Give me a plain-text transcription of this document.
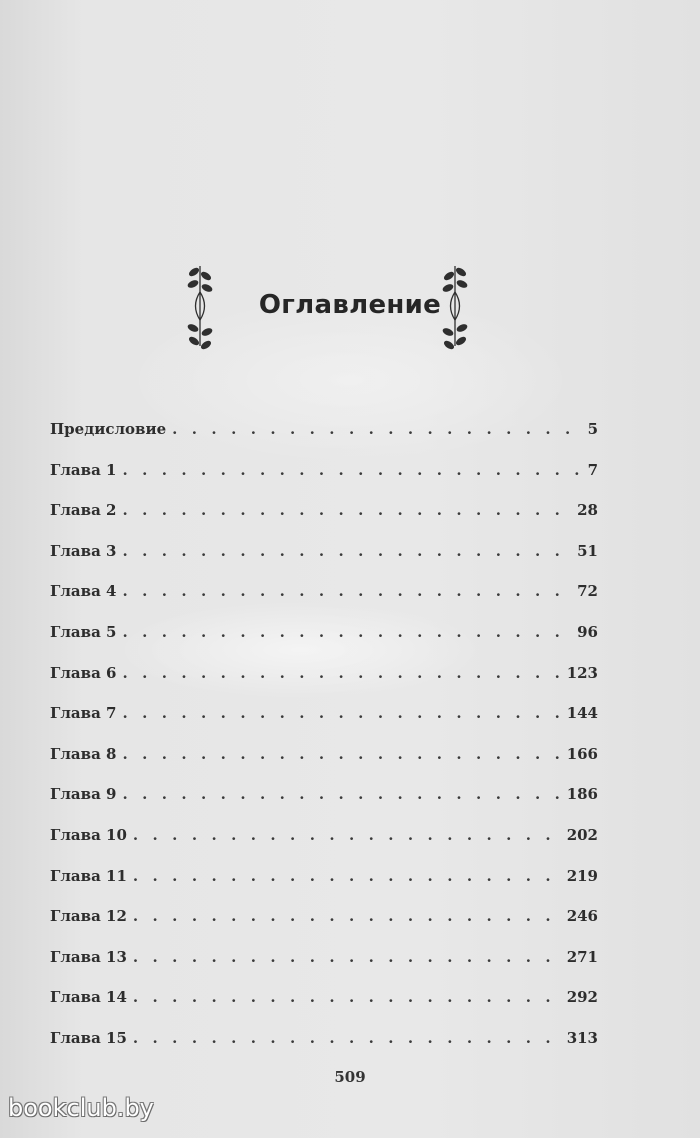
Оглавление
Предисловие . . .	5
Глава 1 . . .	7
Глава 2 . . .	28
Глава 3 . . .	51
Глава 4 . . .	72
Глава 5 . . .	96
Глава 6 . . .	123
Глава 7 . . .	144
Глава 8 . . .	166
Глава 9 . . .	186
Глава 10 . . .	202
Глава 11 . . .	219
Глава 12 . . .	246
Глава 13 . . .	271
Глава 14 . . .	292
Глава 15 . . .	313
509
bookclub.by
